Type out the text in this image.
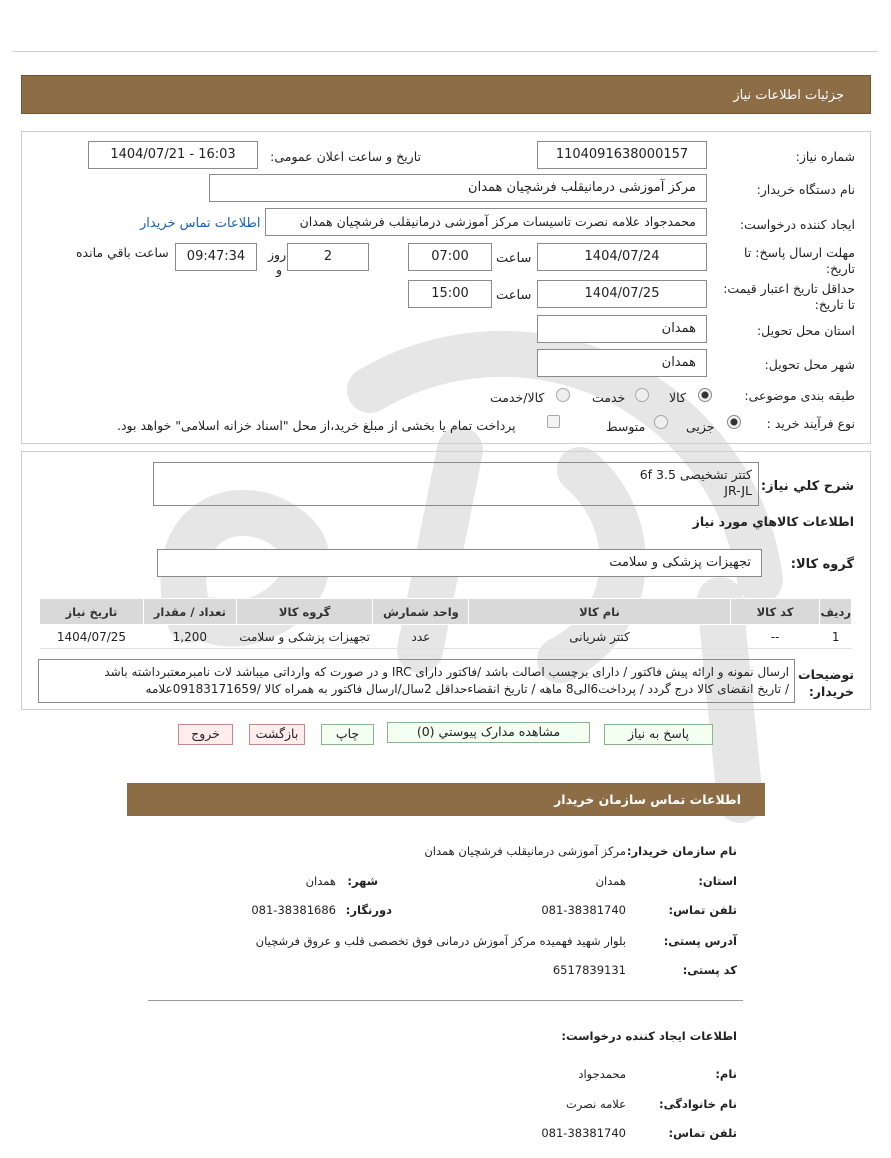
جزئیات اطلاعات نیاز
شماره نیاز:
1104091638000157
تاریخ و ساعت اعلان عمومی:
1404/07/21 - 16:03
نام دستگاه خریدار:
مرکز آموزشی درمانیقلب فرشچیان همدان
ایجاد کننده درخواست:
محمدجواد علامه نصرت تاسیسات مرکز آموزشی درمانیقلب فرشچیان همدان
اطلاعات تماس خریدار
مهلت ارسال پاسخ: تا
تاریخ:
1404/07/24
ساعت
07:00
2
روز
و
09:47:34
ساعت باقي مانده
حداقل تاریخ اعتبار قیمت:
تا تاریخ:
1404/07/25
ساعت
15:00
استان محل تحویل:
همدان
شهر محل تحویل:
همدان
طبقه بندی موضوعی:
کالا
خدمت
کالا/خدمت
نوع فرآیند خرید :
جزیی
متوسط
پرداخت تمام یا بخشی از مبلغ خرید،از محل "اسناد خزانه اسلامی" خواهد بود.
شرح كلي نياز:
کتتر تشخیصی 3.5 6f
JR-JL
اطلاعات كالاهاي مورد نياز
گروه کالا:
تجهیزات پزشکی و سلامت
رديف	کد کالا	نام کالا	واحد شمارش	گروه کالا	تعداد / مقدار	تاریخ نیاز
1	--	کتتر شریانی	عدد	تجهیزات پزشکی و سلامت	1,200	1404/07/25
توضیحات
خریدار:
ارسال نمونه و ارائه پیش فاکتور / دارای برچسب اصالت باشد /فاکتور دارای IRC و در صورت که وارداتی میباشد لات نامبرمعتبرداشته باشد
/ تاریخ انقضای کالا درج گردد / پرداخت6الی8 ماهه / تاریخ انقضاءحداقل 2سال/ارسال فاکتور به همراه کالا /09183171659علامه
پاسخ به نیاز
مشاهده مدارک پیوستي (0)
چاپ
بازگشت
خروج
اطلاعات تماس سازمان خریدار
نام سازمان خریدار:
مرکز آموزشی درمانیقلب فرشچیان همدان
استان:
همدان
شهر:
همدان
تلفن تماس:
081-38381740
دورنگار:
081-38381686
آدرس پستی:
بلوار شهید فهمیده مرکز آموزش درمانی فوق تخصصی قلب و عروق فرشچیان
کد پستی:
6517839131
اطلاعات ایجاد کننده درخواست:
نام:
محمدجواد
نام خانوادگی:
علامه نصرت
تلفن تماس:
081-38381740
